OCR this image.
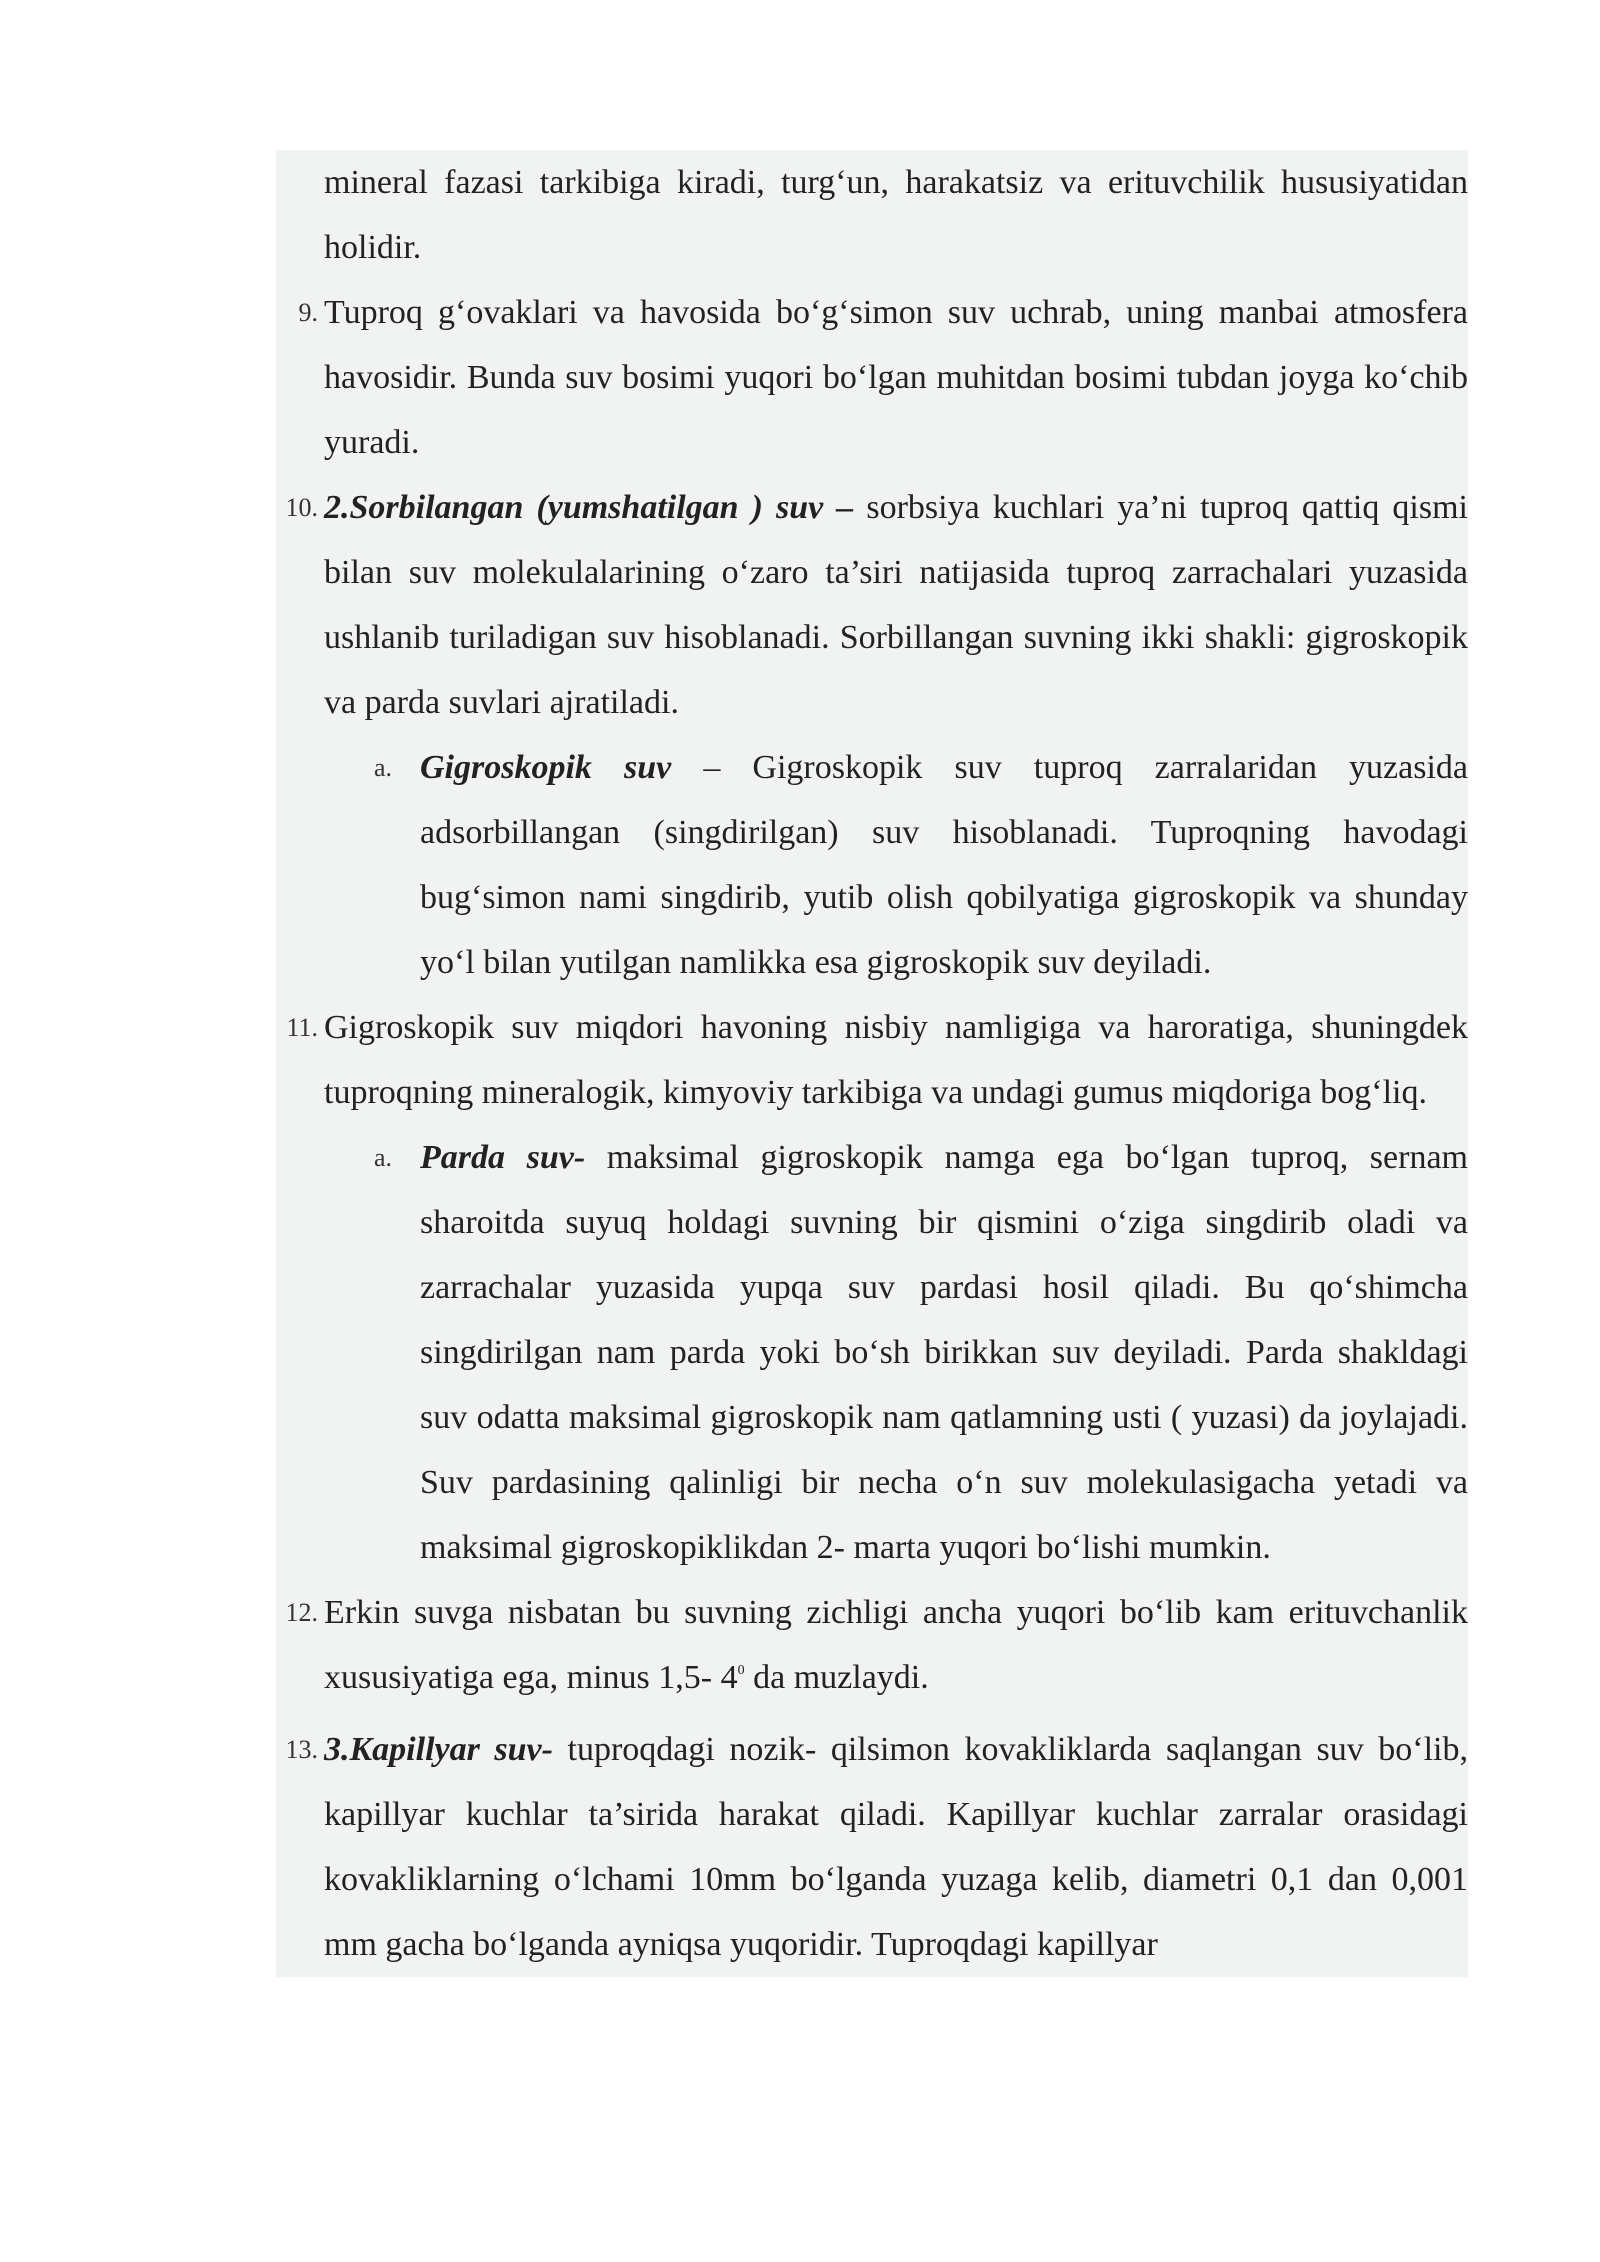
mineral fazasi tarkibiga kiradi, turg‘un, harakatsiz va erituvchilik hususiyatidan holidir.
9. Tuproq g‘ovaklari va havosida bo‘g‘simon suv uchrab, uning manbai atmosfera havosidir. Bunda suv bosimi yuqori bo‘lgan muhitdan bosimi tubdan joyga ko‘chib yuradi.
10. 2.Sorbilangan (yumshatilgan ) suv – sorbsiya kuchlari ya’ni tuproq qattiq qismi bilan suv molekulalarining o‘zaro ta’siri natijasida tuproq zarrachalari yuzasida ushlanib turiladigan suv hisoblanadi. Sorbillangan suvning ikki shakli: gigroskopik va parda suvlari ajratiladi.
a. Gigroskopik suv – Gigroskopik suv tuproq zarralaridan yuzasida adsorbillangan (singdirilgan) suv hisoblanadi. Tuproqning havodagi bug‘simon nami singdirib, yutib olish qobilyatiga gigroskopik va shunday yo‘l bilan yutilgan namlikka esa gigroskopik suv deyiladi.
11. Gigroskopik suv miqdori havoning nisbiy namligiga va haroratiga, shuningdek tuproqning mineralogik, kimyoviy tarkibiga va undagi gumus miqdoriga bog‘liq.
a. Parda suv- maksimal gigroskopik namga ega bo‘lgan tuproq, sernam sharoitda suyuq holdagi suvning bir qismini o‘ziga singdirib oladi va zarrachalar yuzasida yupqa suv pardasi hosil qiladi. Bu qo‘shimcha singdirilgan nam parda yoki bo‘sh birikkan suv deyiladi. Parda shakldagi suv odatta maksimal gigroskopik nam qatlamning usti ( yuzasi) da joylajadi. Suv pardasining qalinligi bir necha o‘n suv molekulasigacha yetadi va maksimal gigroskopiklikdan 2- marta yuqori bo‘lishi mumkin.
12. Erkin suvga nisbatan bu suvning zichligi ancha yuqori bo‘lib kam erituvchanlik xususiyatiga ega, minus 1,5- $4^0$ da muzlaydi.
13. 3.Kapillyar suv- tuproqdagi nozik- qilsimon kovakliklarda saqlangan suv bo‘lib, kapillyar kuchlar ta’sirida harakat qiladi. Kapillyar kuchlar zarralar orasidagi kovakliklarning o‘lchami 10mm bo‘lganda yuzaga kelib, diametri 0,1 dan 0,001 mm gacha bo‘lganda ayniqsa yuqoridir. Tuproqdagi kapillyar
